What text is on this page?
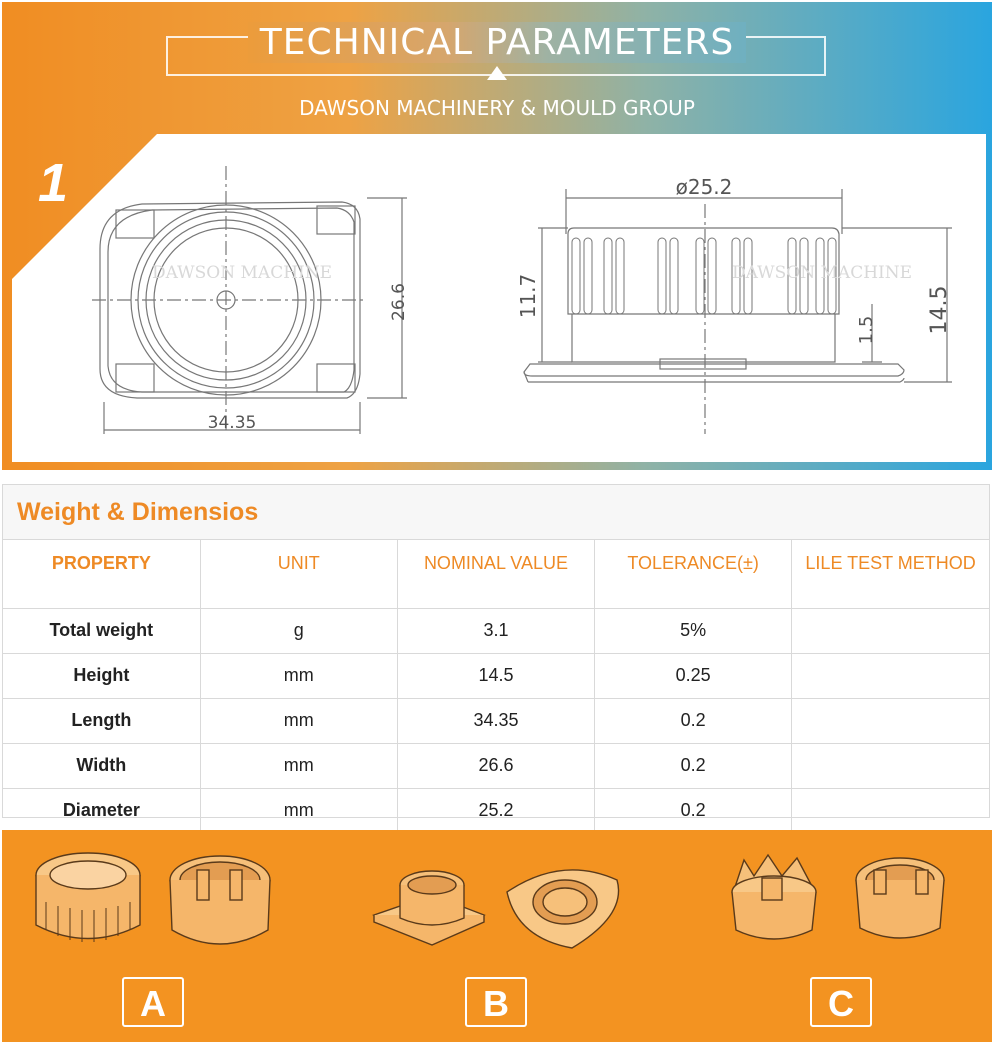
TECHNICAL PARAMETERS
DAWSON MACHINERY & MOULD GROUP
1
26.6
34.35
ø25.2
11.7	14.5
1.5
DAWSON MACHINE	DAWSON MACHINE
Weight & Dimensios
PROPERTY	UNIT	NOMINAL VALUE	TOLERANCE(±)	LILE TEST METHOD
Total weight	g	3.1	5%	
Height	mm	14.5	0.25	
Length	mm	34.35	0.2	
Width	mm	26.6	0.2	
Diameter	mm	25.2	0.2	
A	B	C
